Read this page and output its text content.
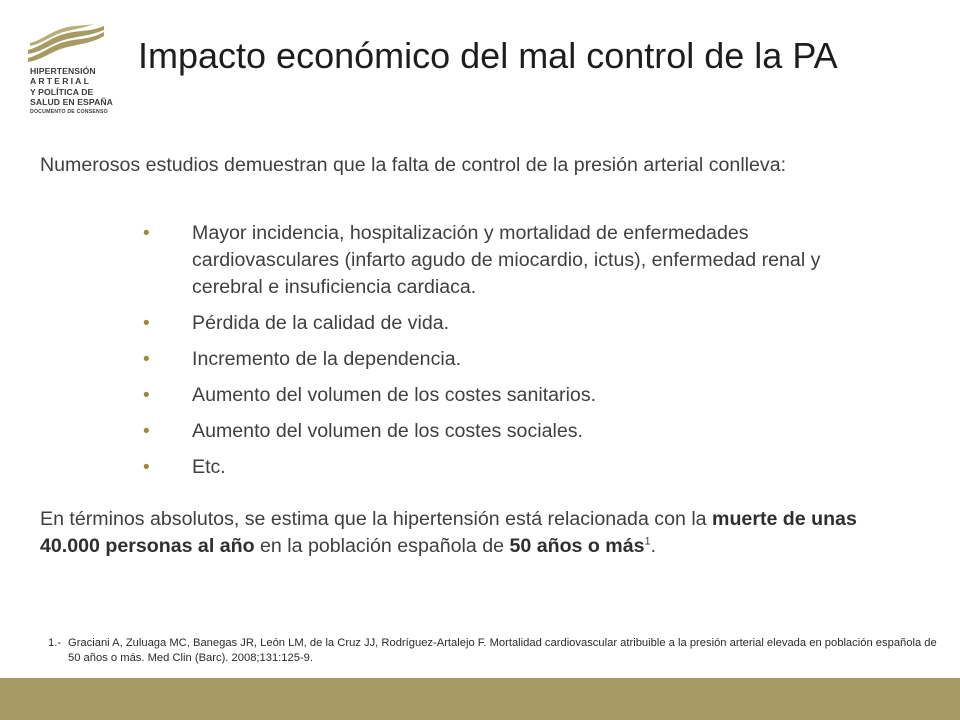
HIPERTENSIÓN
ARTERIAL
Y POLÍTICA DE
SALUD EN ESPAÑA
DOCUMENTO DE CONSENSO
Impacto económico del mal control de la PA
Numerosos estudios demuestran que la falta de control de la presión arterial conlleva:
• Mayor incidencia, hospitalización y mortalidad de enfermedades cardiovasculares (infarto agudo de miocardio, ictus), enfermedad renal y cerebral e insuficiencia cardiaca.
• Pérdida de la calidad de vida.
• Incremento de la dependencia.
• Aumento del volumen de los costes sanitarios.
• Aumento del volumen de los costes sociales.
• Etc.
En términos absolutos, se estima que la hipertensión está relacionada con la muerte de unas 40.000 personas al año en la población española de 50 años o más$^1$.
1.- Graciani A, Zuluaga MC, Banegas JR, León LM, de la Cruz JJ, Rodríguez-Artalejo F. Mortalidad cardiovascular atribuible a la presión arterial elevada en población española de 50 años o más. Med Clin (Barc). 2008;131:125-9.
